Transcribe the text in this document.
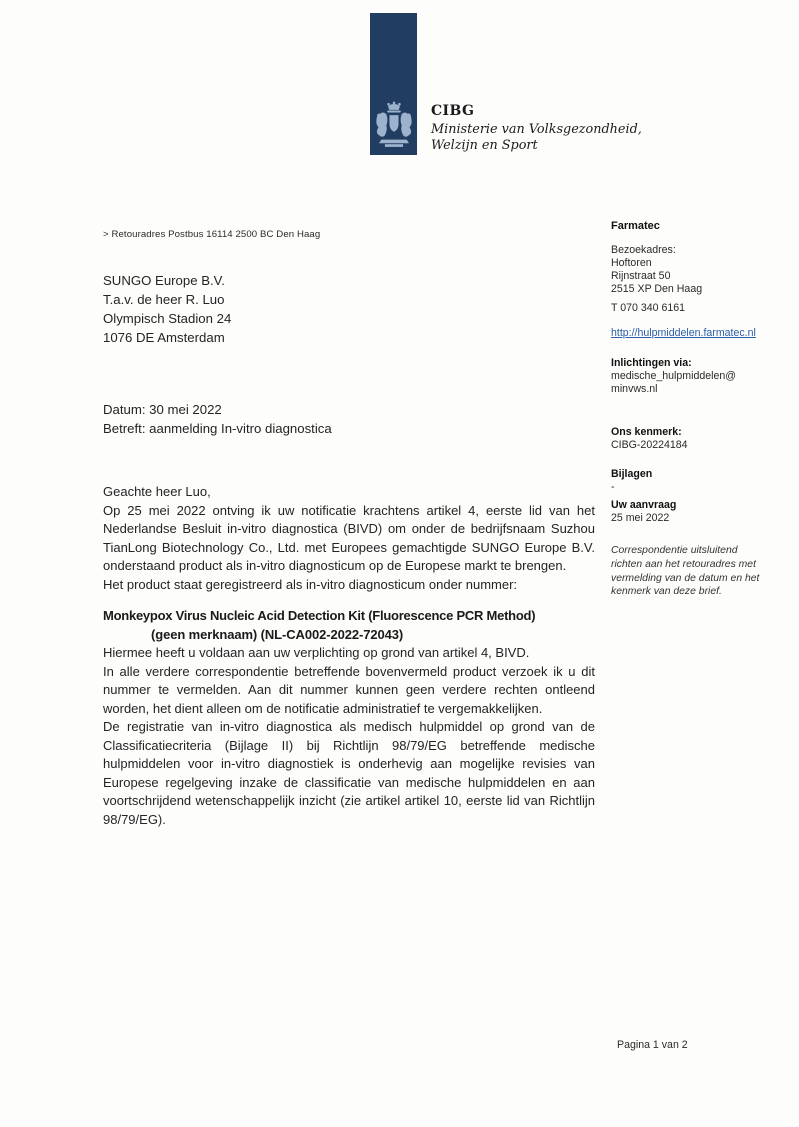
CIBG
Ministerie van Volksgezondheid,
Welzijn en Sport
> Retouradres Postbus 16114 2500 BC Den Haag
SUNGO Europe B.V.
T.a.v. de heer R. Luo
Olympisch Stadion 24
1076 DE Amsterdam
Datum: 30 mei 2022
Betreft: aanmelding In-vitro diagnostica

Geachte heer Luo,

Op 25 mei 2022 ontving ik uw notificatie krachtens artikel 4, eerste lid van het Nederlandse Besluit in-vitro diagnostica (BIVD) om onder de bedrijfsnaam Suzhou TianLong Biotechnology Co., Ltd. met Europees gemachtigde SUNGO Europe B.V. onderstaand product als in-vitro diagnosticum op de Europese markt te brengen.

Het product staat geregistreerd als in-vitro diagnosticum onder nummer:

Monkeypox Virus Nucleic Acid Detection Kit (Fluorescence PCR Method)
(geen merknaam) (NL-CA002-2022-72043)

Hiermee heeft u voldaan aan uw verplichting op grond van artikel 4, BIVD.

In alle verdere correspondentie betreffende bovenvermeld product verzoek ik u dit nummer te vermelden. Aan dit nummer kunnen geen verdere rechten ontleend worden, het dient alleen om de notificatie administratief te vergemakkelijken.

De registratie van in-vitro diagnostica als medisch hulpmiddel op grond van de Classificatiecriteria (Bijlage II) bij Richtlijn 98/79/EG betreffende medische hulpmiddelen voor in-vitro diagnostiek is onderhevig aan mogelijke revisies van Europese regelgeving inzake de classificatie van medische hulpmiddelen en aan voortschrijdend wetenschappelijk inzicht (zie artikel artikel 10, eerste lid van Richtlijn 98/79/EG).

Farmatec
Bezoekadres:
Hoftoren
Rijnstraat 50
2515 XP Den Haag
T 070 340 6161
http://hulpmiddelen.farmatec.nl
Inlichtingen via:
medische_hulpmiddelen@
minvws.nl
Ons kenmerk:
CIBG-20224184
Bijlagen
-
Uw aanvraag
25 mei 2022
Correspondentie uitsluitend richten aan het retouradres met vermelding van de datum en het kenmerk van deze brief.
Pagina 1 van 2
